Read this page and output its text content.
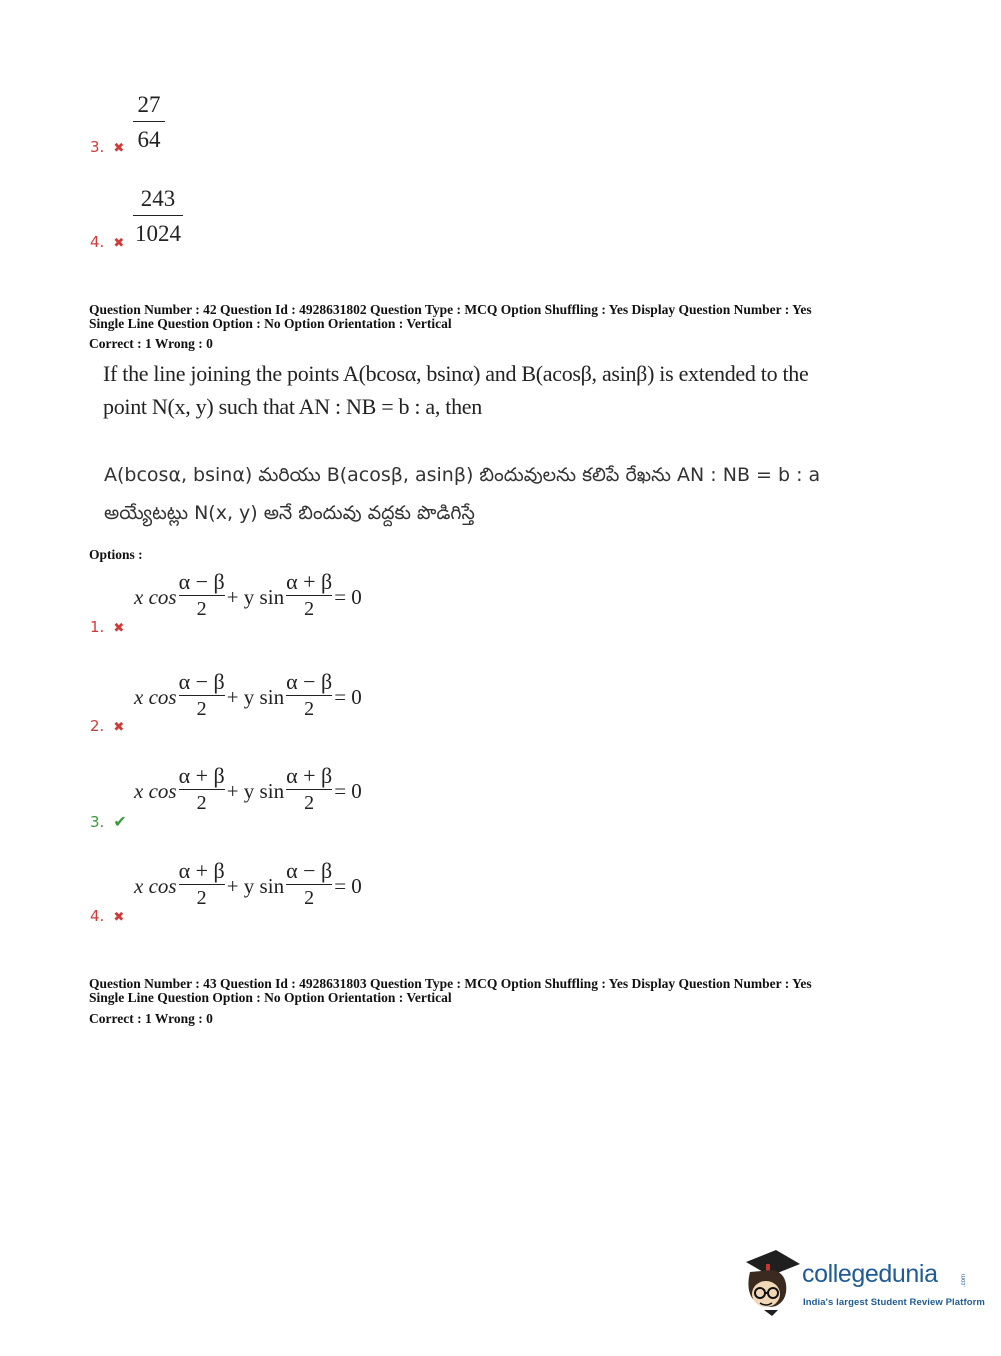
27
64
3. ✖
243
1024
4. ✖
Question Number : 42 Question Id : 4928631802 Question Type : MCQ Option Shuffling : Yes Display Question Number : Yes
Single Line Question Option : No Option Orientation : Vertical
Correct : 1 Wrong : 0
If the line joining the points A(bcosα, bsinα) and B(acosβ, asinβ) is extended to the
point N(x, y) such that AN : NB = b : a, then
A(bcosα, bsinα) మరియు B(acosβ, asinβ) బిందువులను కలిపే రేఖను AN : NB = b : a
అయ్యేటట్లు N(x, y) అనే బిందువు వద్దకు పొడిగిస్తే
Options :
x cos
α − β
2
+ y sin
α + β
2
= 0
1. ✖
x cos
α − β
2
+ y sin
α − β
2
= 0
2. ✖
x cos
α + β
2
+ y sin
α + β
2
= 0
3. ✔
x cos
α + β
2
+ y sin
α − β
2
= 0
4. ✖
Question Number : 43 Question Id : 4928631803 Question Type : MCQ Option Shuffling : Yes Display Question Number : Yes
Single Line Question Option : No Option Orientation : Vertical
Correct : 1 Wrong : 0
collegedunia	.com
India's largest Student Review Platform
